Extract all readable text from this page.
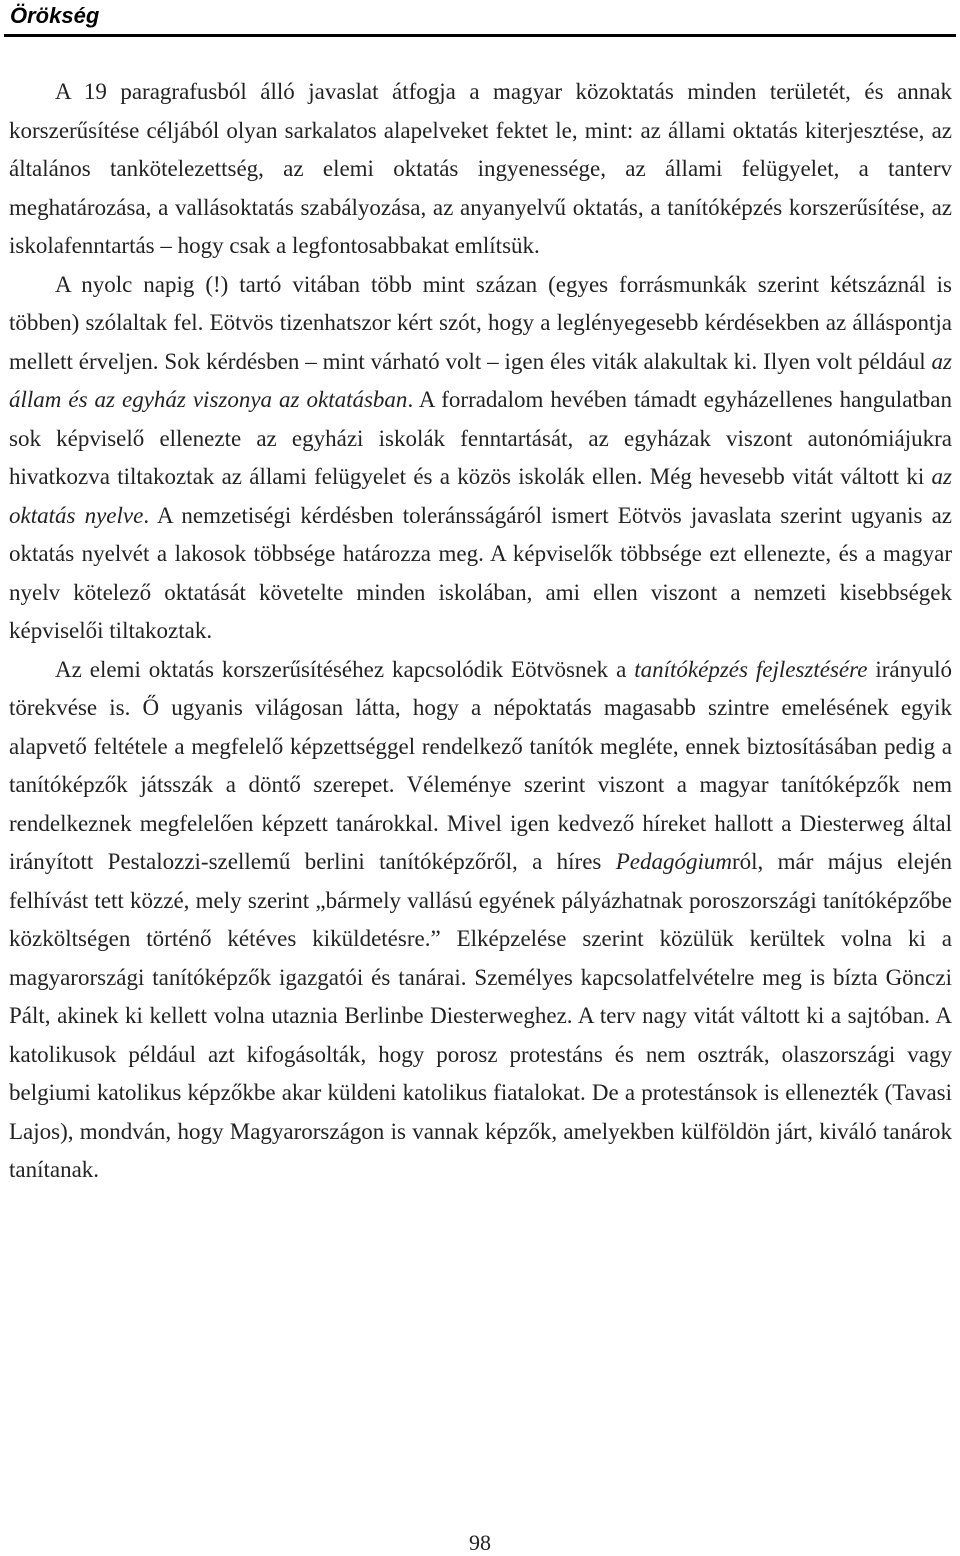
Örökség

A 19 paragrafusból álló javaslat átfogja a magyar közoktatás minden területét, és annak korszerűsítése céljából olyan sarkalatos alapelveket fektet le, mint: az állami oktatás kiterjesztése, az általános tankötelezettség, az elemi oktatás ingyenessége, az állami felügyelet, a tanterv meghatározása, a vallásoktatás szabályozása, az anyanyelvű oktatás, a tanítóképzés korszerűsítése, az iskolafenntartás – hogy csak a legfontosabbakat említsük.

A nyolc napig (!) tartó vitában több mint százan (egyes forrásmunkák szerint kétszáznál is többen) szólaltak fel. Eötvös tizenhatszor kért szót, hogy a leglényegesebb kérdésekben az álláspontja mellett érveljen. Sok kérdésben – mint várható volt – igen éles viták alakultak ki. Ilyen volt például az állam és az egyház viszonya az oktatásban. A forradalom hevében támadt egyházellenes hangulatban sok képviselő ellenezte az egyházi iskolák fenntartását, az egyházak viszont autonómiájukra hivatkozva tiltakoztak az állami felügyelet és a közös iskolák ellen. Még hevesebb vitát váltott ki az oktatás nyelve. A nemzetiségi kérdésben toleránsságáról ismert Eötvös javaslata szerint ugyanis az oktatás nyelvét a lakosok többsége határozza meg. A képviselők többsége ezt ellenezte, és a magyar nyelv kötelező oktatását követelte minden iskolában, ami ellen viszont a nemzeti kisebbségek képviselői tiltakoztak.

Az elemi oktatás korszerűsítéséhez kapcsolódik Eötvösnek a tanítóképzés fejlesztésére irányuló törekvése is. Ő ugyanis világosan látta, hogy a népoktatás magasabb szintre emelésének egyik alapvető feltétele a megfelelő képzettséggel rendelkező tanítók megléte, ennek biztosításában pedig a tanítóképzők játsszák a döntő szerepet. Véleménye szerint viszont a magyar tanítóképzők nem rendelkeznek megfelelően képzett tanárokkal. Mivel igen kedvező híreket hallott a Diesterweg által irányított Pestalozzi-szellemű berlini tanítóképzőről, a híres Pedagógiumról, már május elején felhívást tett közzé, mely szerint „bármely vallású egyének pályázhatnak poroszországi tanítóképzőbe közköltségen történő kétéves kiküldetésre.” Elképzelése szerint közülük kerültek volna ki a magyarországi tanítóképzők igazgatói és tanárai. Személyes kapcsolatfelvételre meg is bízta Gönczi Pált, akinek ki kellett volna utaznia Berlinbe Diesterweghez. A terv nagy vitát váltott ki a sajtóban. A katolikusok például azt kifogásolták, hogy porosz protestáns és nem osztrák, olaszországi vagy belgiumi katolikus képzőkbe akar küldeni katolikus fiatalokat. De a protestánsok is ellenezték (Tavasi Lajos), mondván, hogy Magyarországon is vannak képzők, amelyekben külföldön járt, kiváló tanárok tanítanak.

98
